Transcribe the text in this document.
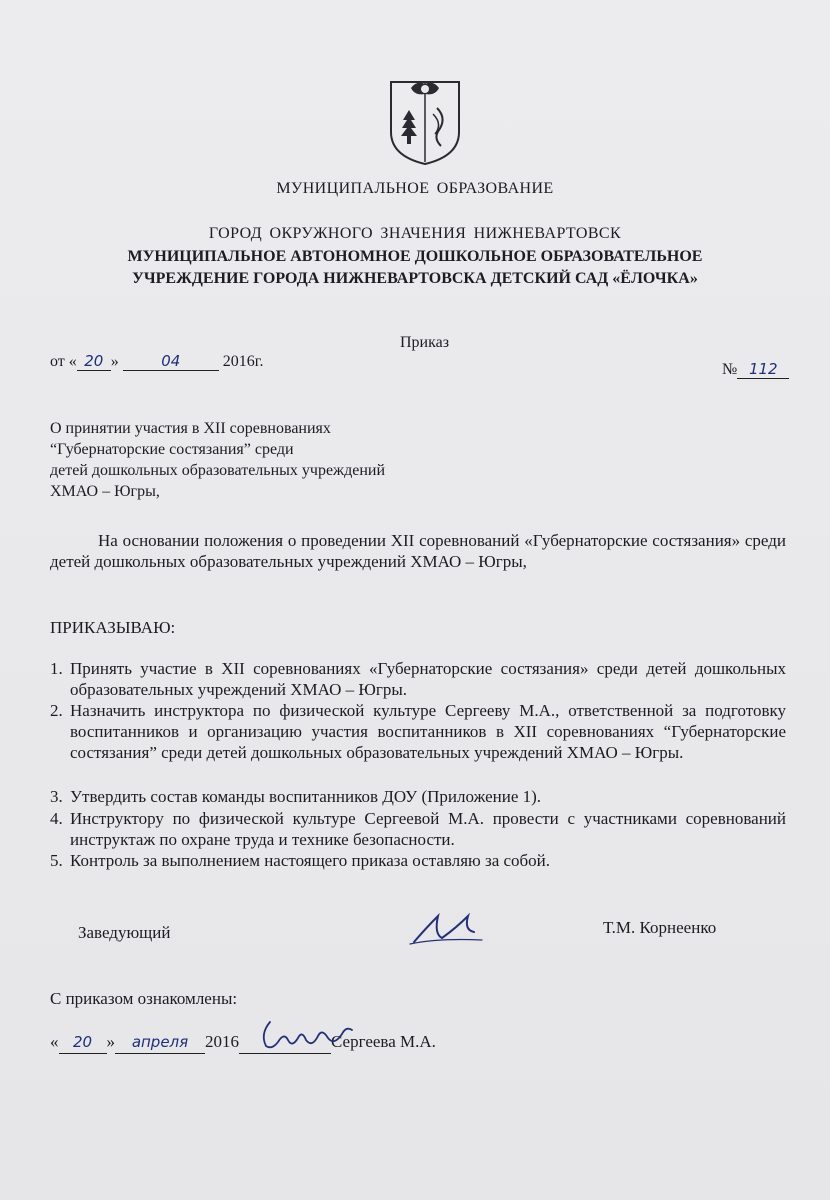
МУНИЦИПАЛЬНОЕ ОБРАЗОВАНИЕ
ГОРОД ОКРУЖНОГО ЗНАЧЕНИЯ НИЖНЕВАРТОВСК
МУНИЦИПАЛЬНОЕ АВТОНОМНОЕ ДОШКОЛЬНОЕ ОБРАЗОВАТЕЛЬНОЕ
УЧРЕЖДЕНИЕ ГОРОДА НИЖНЕВАРТОВСКА ДЕТСКИЙ САД «ЁЛОЧКА»
Приказ
от « 20 »	04	2016г.	№ 112
О принятии участия в XII соревнованиях
“Губернаторские состязания” среди
детей дошкольных образовательных учреждений
ХМАО – Югры,
На основании положения о проведении XII соревнований «Губернаторские состязания» среди детей дошкольных образовательных учреждений ХМАО – Югры,
ПРИКАЗЫВАЮ:
1. Принять участие в XII соревнованиях «Губернаторские состязания» среди детей дошкольных образовательных учреждений ХМАО – Югры.
2. Назначить инструктора по физической культуре Сергееву М.А., ответственной за подготовку воспитанников и организацию участия воспитанников в XII соревнованиях “Губернаторские состязания” среди детей дошкольных образовательных учреждений ХМАО – Югры.
3. Утвердить состав команды воспитанников ДОУ (Приложение 1).
4. Инструктору по физической культуре Сергеевой М.А. провести с участниками соревнований инструктаж по охране труда и технике безопасности.
5. Контроль за выполнением настоящего приказа оставляю за собой.
Заведующий	Т.М. Корнеенко
С приказом ознакомлены:
« 20 » апреля 2016	Сергеева М.А.
